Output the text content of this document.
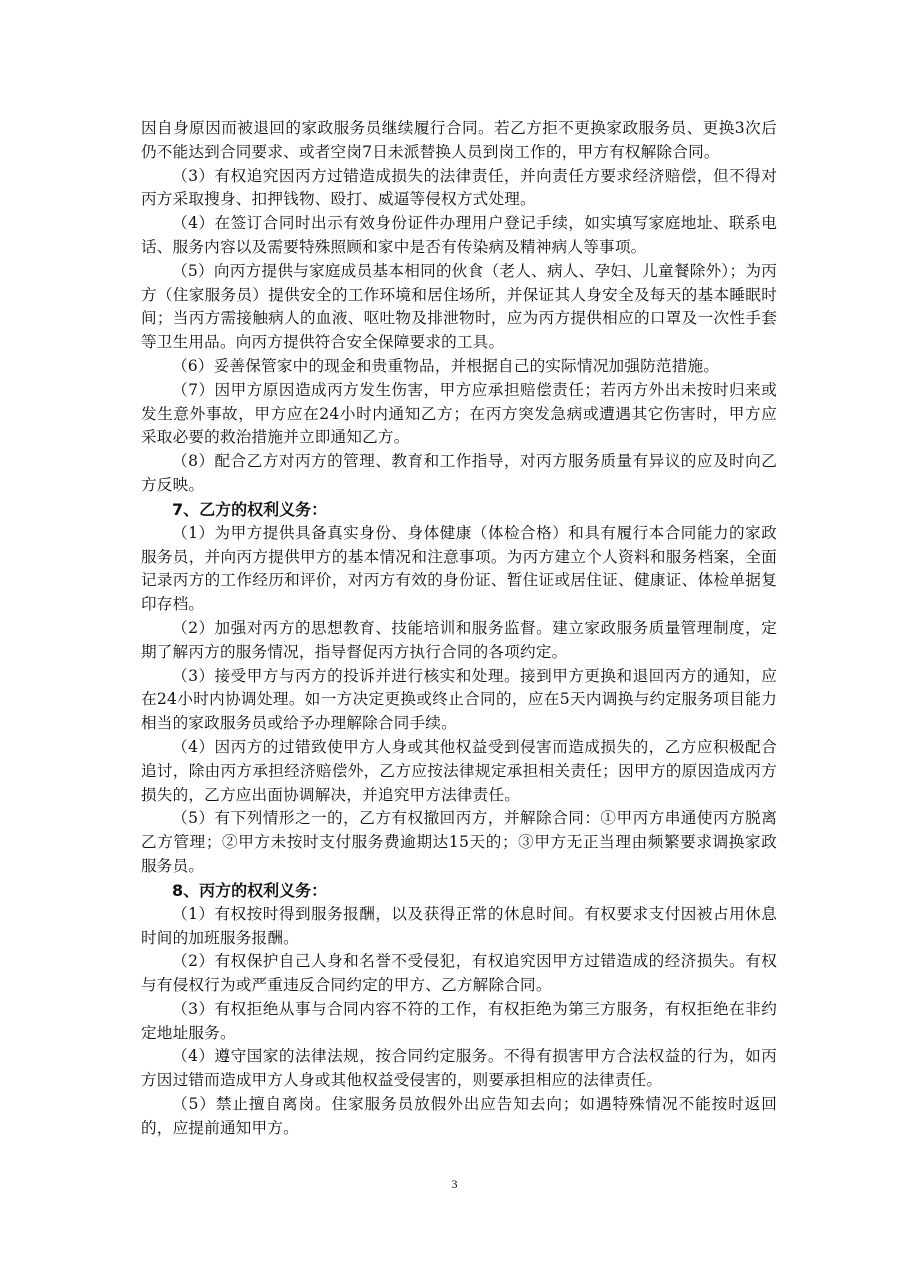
因自身原因而被退回的家政服务员继续履行合同。若乙方拒不更换家政服务员、更换3次后仍不能达到合同要求、或者空岗7日未派替换人员到岗工作的，甲方有权解除合同。

（3）有权追究因丙方过错造成损失的法律责任，并向责任方要求经济赔偿，但不得对丙方采取搜身、扣押钱物、殴打、威逼等侵权方式处理。

（4）在签订合同时出示有效身份证件办理用户登记手续，如实填写家庭地址、联系电话、服务内容以及需要特殊照顾和家中是否有传染病及精神病人等事项。

（5）向丙方提供与家庭成员基本相同的伙食（老人、病人、孕妇、儿童餐除外）；为丙方（住家服务员）提供安全的工作环境和居住场所，并保证其人身安全及每天的基本睡眠时间；当丙方需接触病人的血液、呕吐物及排泄物时，应为丙方提供相应的口罩及一次性手套等卫生用品。向丙方提供符合安全保障要求的工具。

（6）妥善保管家中的现金和贵重物品，并根据自己的实际情况加强防范措施。

（7）因甲方原因造成丙方发生伤害，甲方应承担赔偿责任；若丙方外出未按时归来或发生意外事故，甲方应在24小时内通知乙方；在丙方突发急病或遭遇其它伤害时，甲方应采取必要的救治措施并立即通知乙方。

（8）配合乙方对丙方的管理、教育和工作指导，对丙方服务质量有异议的应及时向乙方反映。

7、乙方的权利义务：

（1）为甲方提供具备真实身份、身体健康（体检合格）和具有履行本合同能力的家政服务员，并向丙方提供甲方的基本情况和注意事项。为丙方建立个人资料和服务档案，全面记录丙方的工作经历和评价，对丙方有效的身份证、暂住证或居住证、健康证、体检单据复印存档。

（2）加强对丙方的思想教育、技能培训和服务监督。建立家政服务质量管理制度，定期了解丙方的服务情况，指导督促丙方执行合同的各项约定。

（3）接受甲方与丙方的投诉并进行核实和处理。接到甲方更换和退回丙方的通知，应在24小时内协调处理。如一方决定更换或终止合同的，应在5天内调换与约定服务项目能力相当的家政服务员或给予办理解除合同手续。

（4）因丙方的过错致使甲方人身或其他权益受到侵害而造成损失的，乙方应积极配合追讨，除由丙方承担经济赔偿外，乙方应按法律规定承担相关责任；因甲方的原因造成丙方损失的，乙方应出面协调解决，并追究甲方法律责任。

（5）有下列情形之一的，乙方有权撤回丙方，并解除合同：①甲丙方串通使丙方脱离乙方管理；②甲方未按时支付服务费逾期达15天的；③甲方无正当理由频繁要求调换家政服务员。

8、丙方的权利义务：

（1）有权按时得到服务报酬，以及获得正常的休息时间。有权要求支付因被占用休息时间的加班服务报酬。

（2）有权保护自己人身和名誉不受侵犯，有权追究因甲方过错造成的经济损失。有权与有侵权行为或严重违反合同约定的甲方、乙方解除合同。

（3）有权拒绝从事与合同内容不符的工作，有权拒绝为第三方服务，有权拒绝在非约定地址服务。

（4）遵守国家的法律法规，按合同约定服务。不得有损害甲方合法权益的行为，如丙方因过错而造成甲方人身或其他权益受侵害的，则要承担相应的法律责任。

（5）禁止擅自离岗。住家服务员放假外出应告知去向；如遇特殊情况不能按时返回的，应提前通知甲方。

3
